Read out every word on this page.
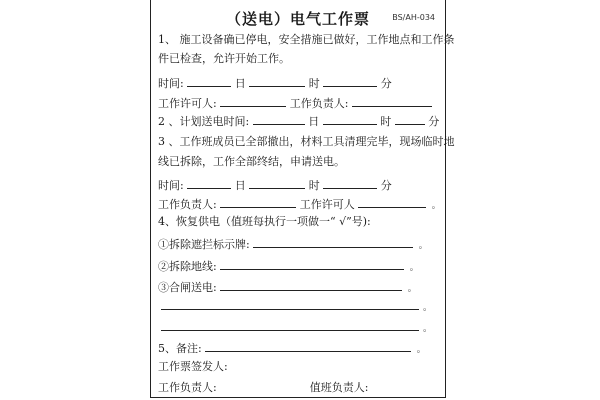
（送电）电气工作票	BS/AH-034
1、 施工设备确已停电，安全措施已做好，工作地点和工作条
件已检查，允许开始工作。
时间:	日	时	分
工作许可人:	工作负责人:
2 、计划送电时间:	日	时	分
3 、工作班成员已全部撤出，材料工具清理完毕，现场临时地
线已拆除，工作全部终结，申请送电。
时间:	日	时	分
工作负责人:	工作许可人	。
4、恢复供电（值班每执行一项做一“ √”号):
①拆除遮拦标示牌:	。
②拆除地线:	。
③合闸送电:	。
。
。
5、备注:	。
工作票签发人:
工作负责人:	值班负责人:
